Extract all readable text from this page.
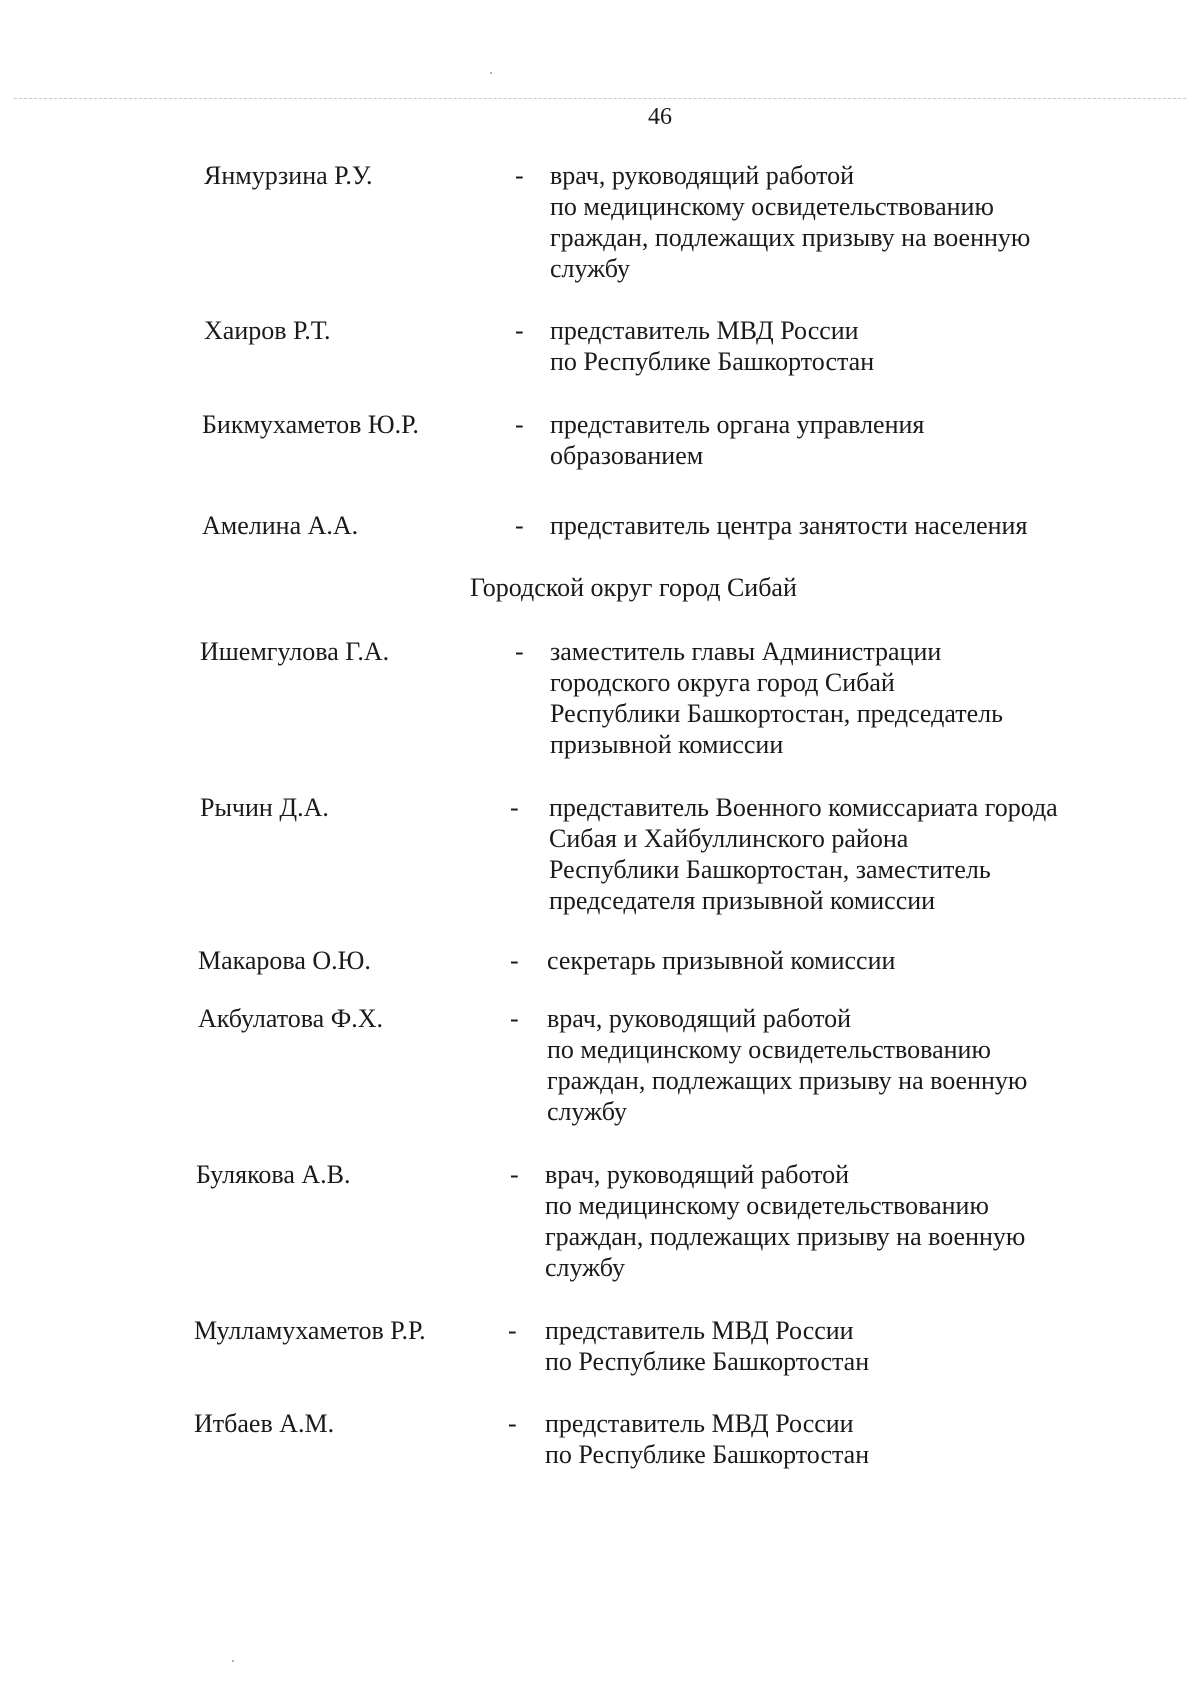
46
Янмурзина Р.У.	- врач, руководящий работой
по медицинскому освидетельствованию
граждан, подлежащих призыву на военную
службу
Хаиров Р.Т.	- представитель МВД России
по Республике Башкортостан
Бикмухаметов Ю.Р.	- представитель органа управления
образованием
Амелина А.А.	- представитель центра занятости населения
Городской округ город Сибай
Ишемгулова Г.А.	- заместитель главы Администрации
городского округа город Сибай
Республики Башкортостан, председатель
призывной комиссии
Рычин Д.А.	- представитель Военного комиссариата города
Сибая и Хайбуллинского района
Республики Башкортостан, заместитель
председателя призывной комиссии
Макарова О.Ю.	- секретарь призывной комиссии
Акбулатова Ф.Х.	- врач, руководящий работой
по медицинскому освидетельствованию
граждан, подлежащих призыву на военную
службу
Булякова А.В.	- врач, руководящий работой
по медицинскому освидетельствованию
граждан, подлежащих призыву на военную
службу
Мулламухаметов Р.Р.	- представитель МВД России
по Республике Башкортостан
Итбаев А.М.	- представитель МВД России
по Республике Башкортостан
